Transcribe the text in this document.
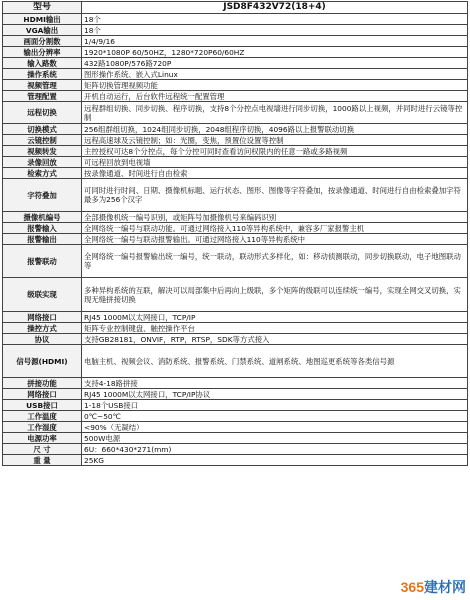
型号	JSD8F432V72(18+4)
HDMI输出	18个
VGA输出	18个
画面分割数	1/4/9/16
输出分辨率	1920*1080P 60/50HZ，1280*720P60/60HZ
输入路数	432路1080P/576路720P
操作系统	图形操作系统、嵌入式Linux
视频管理	矩阵切换管理视频功能
管理配置	开机自动运行，后台软件远程统一配置管理
远程切换	远程群组切换、同步切换、程序切换，支持8个分控点电视墙进行同步切换，1000路以上视频，并同时进行云镜等控制
切换模式	256组群组切换，1024组同步切换，2048组程序切换，4096路以上报警联动切换
云镜控制	远程高速球及云镜控制；如：光圈，变焦，预置位设置等控制
视频转发	主控授权可达8个分控点，每个分控可同时查看访问权限内的任意一路或多路视频
录像回放	可远程回放到电视墙
检索方式	按录像通道、时间进行自由检索
字符叠加	可同时进行时间、日期、摄像机标题、运行状态、图形、图像等字符叠加，按录像通道、时间进行自由检索叠加字符最多为256个汉字
摄像机编号	全部摄像机统一编号识别，或矩阵号加摄像机号来编码识别
报警输入	全网络统一编号与联动功能。可通过网络接入110等异构系统中，兼容多厂家报警主机
报警输出	全网络统一编号与联动报警输出。可通过网络接入110等异构系统中
报警联动	全网络统一编号报警输出统一编号，统一联动，联动形式多样化，如：移动侦测联动，同步切换联动，电子地图联动等
级联实现	多种异构系统的互联，解决可以局部集中后再向上级联，多个矩阵的级联可以连续统一编号，实现全网交叉切换，实现无缝拼接切换
网络接口	RJ45 1000M以太网接口，TCP/IP
操控方式	矩阵专业控制键盘、触控操作平台
协议	支持GB28181，ONVIF，RTP，RTSP，SDK等方式接入
信号源(HDMI)	电脑主机、视频会议、消防系统、报警系统、门禁系统、道闸系统、地图巡更系统等各类信号源
拼接功能	支持4-18路拼接
网络接口	RJ45 1000M以太网接口，TCP/IP协议
USB接口	1-18个USB接口
工作温度	0℃~50℃
工作湿度	<90%（无凝结）
电源功率	500W电源
尺 寸	6U：660*430*271(mm)
重 量	25KG
365建材网
